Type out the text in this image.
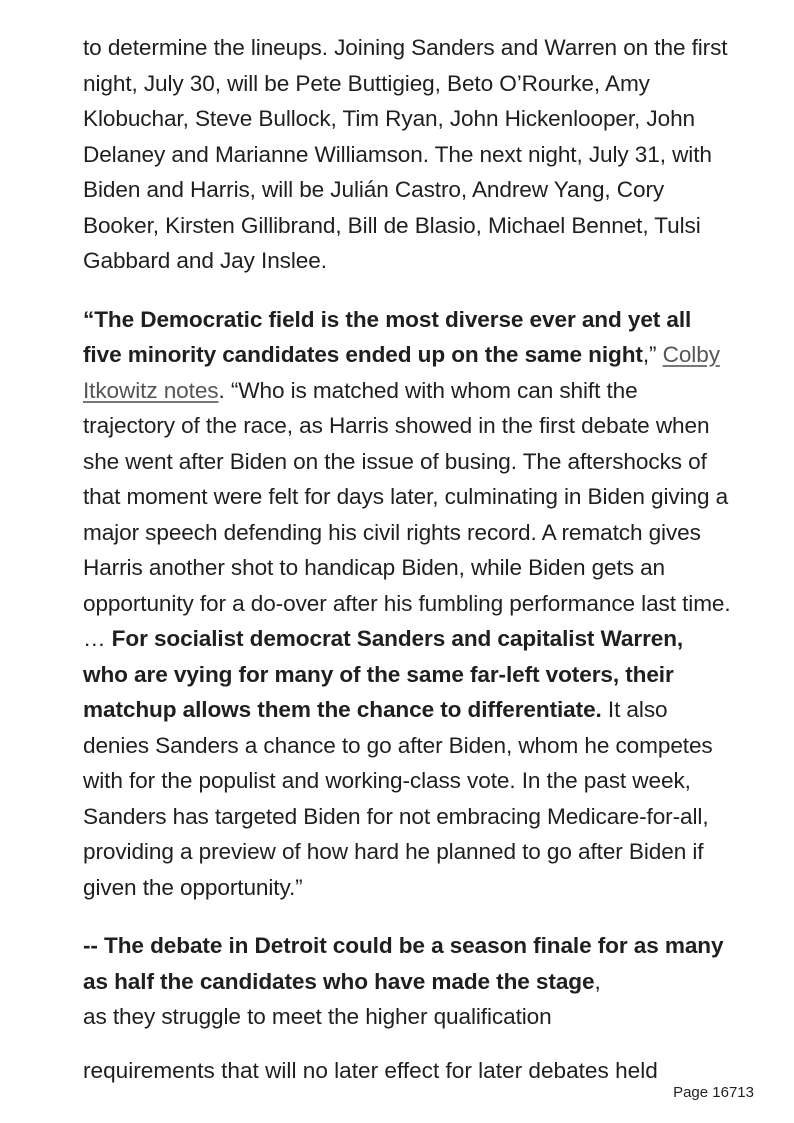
to determine the lineups. Joining Sanders and Warren on the first night, July 30, will be Pete Buttigieg, Beto O’Rourke, Amy Klobuchar, Steve Bullock, Tim Ryan, John Hickenlooper, John Delaney and Marianne Williamson. The next night, July 31, with Biden and Harris, will be Julián Castro, Andrew Yang, Cory Booker, Kirsten Gillibrand, Bill de Blasio, Michael Bennet, Tulsi Gabbard and Jay Inslee.

“The Democratic field is the most diverse ever and yet all five minority candidates ended up on the same night,” Colby Itkowitz notes. “Who is matched with whom can shift the trajectory of the race, as Harris showed in the first debate when she went after Biden on the issue of busing. The aftershocks of that moment were felt for days later, culminating in Biden giving a major speech defending his civil rights record. A rematch gives Harris another shot to handicap Biden, while Biden gets an opportunity for a do-over after his fumbling performance last time. … For socialist democrat Sanders and capitalist Warren, who are vying for many of the same far-left voters, their matchup allows them the chance to differentiate. It also denies Sanders a chance to go after Biden, whom he competes with for the populist and working-class vote. In the past week, Sanders has targeted Biden for not embracing Medicare-for-all, providing a preview of how hard he planned to go after Biden if given the opportunity.”

-- The debate in Detroit could be a season finale for as many as half the candidates who have made the stage,
as they struggle to meet the higher qualification

requirements that will no later effect for later debates held
Page 16713
